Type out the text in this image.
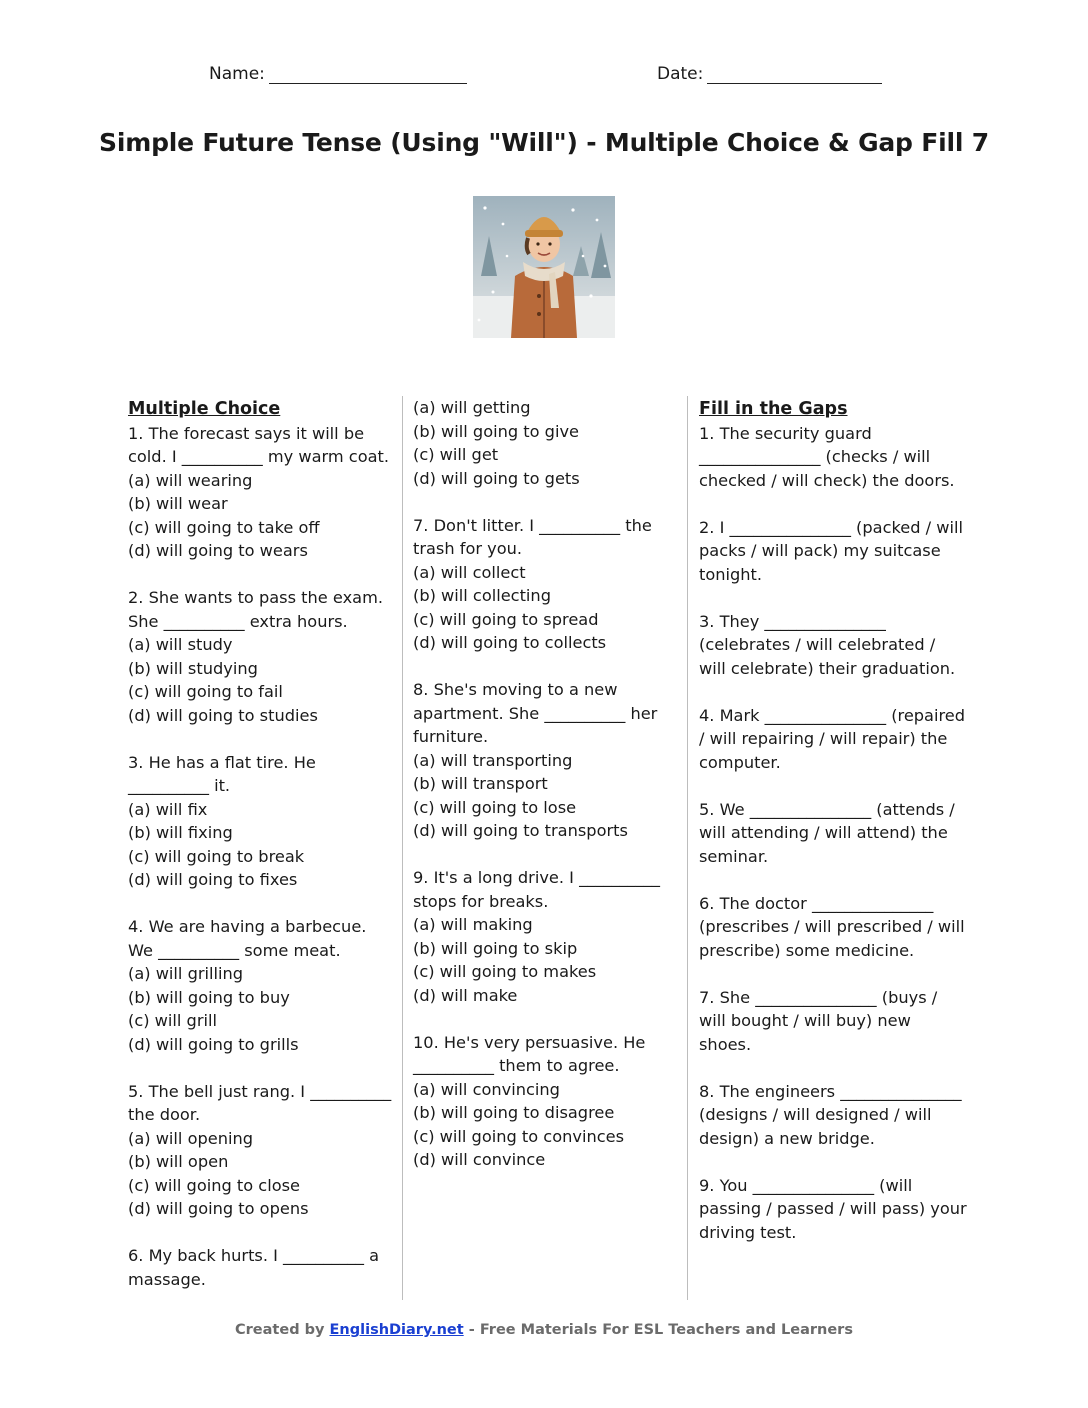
Name:	Date:
Simple Future Tense (Using "Will") - Multiple Choice & Gap Fill 7
Multiple Choice

1. The forecast says it will be cold. I __________ my warm coat.

(a) will wearing

(b) will wear

(c) will going to take off

(d) will going to wears

2. She wants to pass the exam. She __________ extra hours.

(a) will study

(b) will studying

(c) will going to fail

(d) will going to studies

3. He has a flat tire. He __________ it.

(a) will fix

(b) will fixing

(c) will going to break

(d) will going to fixes

4. We are having a barbecue. We __________ some meat.

(a) will grilling

(b) will going to buy

(c) will grill

(d) will going to grills

5. The bell just rang. I __________ the door.

(a) will opening

(b) will open

(c) will going to close

(d) will going to opens

6. My back hurts. I __________ a massage.

(a) will getting

(b) will going to give

(c) will get

(d) will going to gets

7. Don't litter. I __________ the trash for you.

(a) will collect

(b) will collecting

(c) will going to spread

(d) will going to collects

8. She's moving to a new apartment. She __________ her furniture.

(a) will transporting

(b) will transport

(c) will going to lose

(d) will going to transports

9. It's a long drive. I __________ stops for breaks.

(a) will making

(b) will going to skip

(c) will going to makes

(d) will make

10. He's very persuasive. He __________ them to agree.

(a) will convincing

(b) will going to disagree

(c) will going to convinces

(d) will convince

Fill in the Gaps

1. The security guard _______________ (checks / will checked / will check) the doors.

2. I _______________ (packed / will packs / will pack) my suitcase tonight.

3. They _______________ (celebrates / will celebrated / will celebrate) their graduation.

4. Mark _______________ (repaired / will repairing / will repair) the computer.

5. We _______________ (attends / will attending / will attend) the seminar.

6. The doctor _______________ (prescribes / will prescribed / will prescribe) some medicine.

7. She _______________ (buys / will bought / will buy) new shoes.

8. The engineers _______________ (designs / will designed / will design) a new bridge.

9. You _______________ (will passing / passed / will pass) your driving test.

Created by EnglishDiary.net - Free Materials For ESL Teachers and Learners
